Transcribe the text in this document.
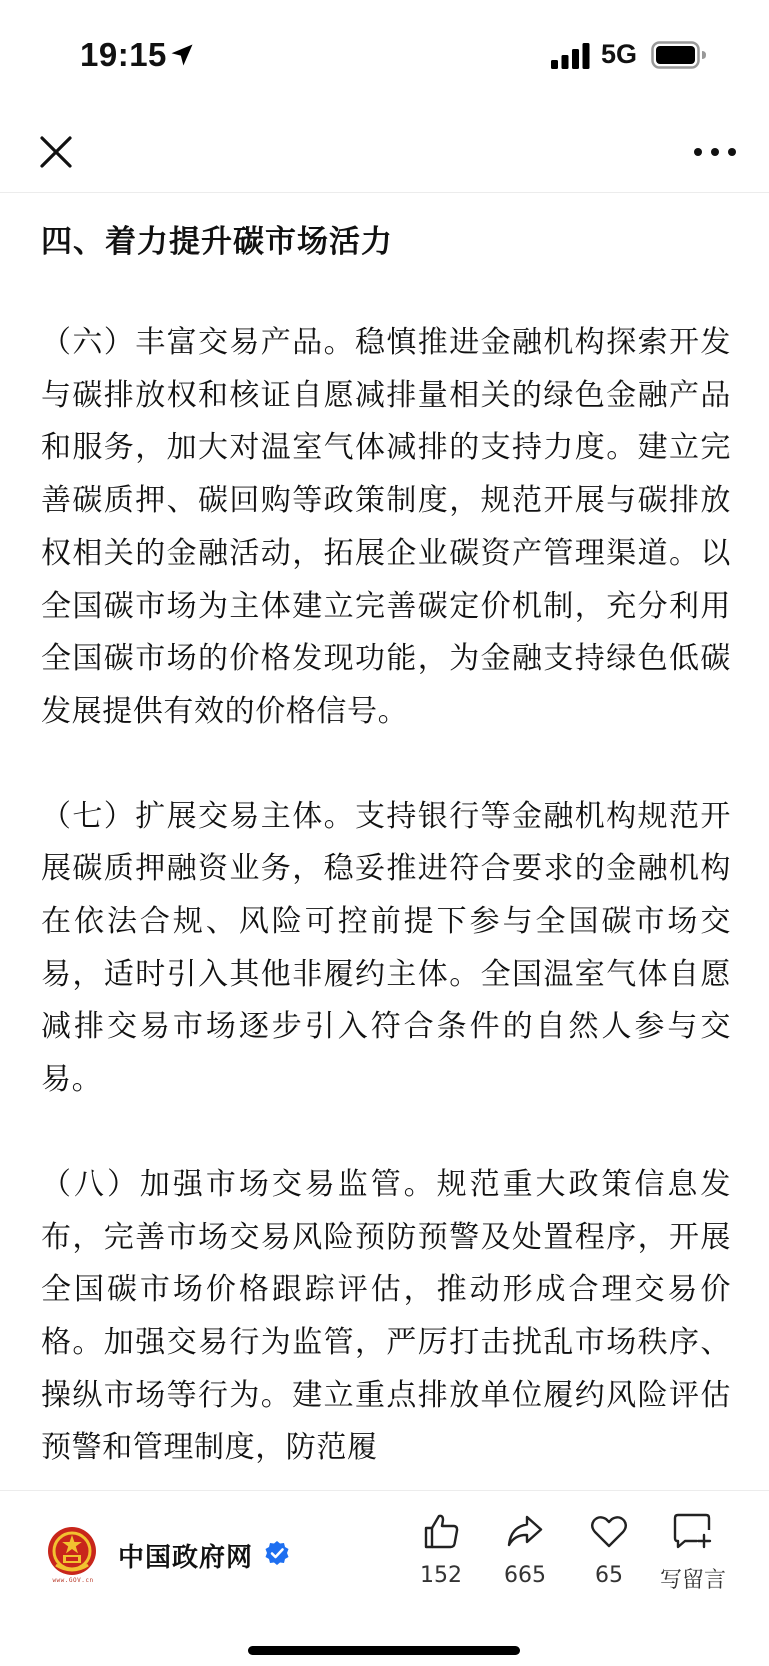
19:15	5G
四、着力提升碳市场活力

（六）丰富交易产品。稳慎推进金融机构探索开发与碳排放权和核证自愿减排量相关的绿色金融产品和服务，加大对温室气体减排的支持力度。建立完善碳质押、碳回购等政策制度，规范开展与碳排放权相关的金融活动，拓展企业碳资产管理渠道。以全国碳市场为主体建立完善碳定价机制，充分利用全国碳市场的价格发现功能，为金融支持绿色低碳发展提供有效的价格信号。

（七）扩展交易主体。支持银行等金融机构规范开展碳质押融资业务，稳妥推进符合要求的金融机构在依法合规、风险可控前提下参与全国碳市场交易，适时引入其他非履约主体。全国温室气体自愿减排交易市场逐步引入符合条件的自然人参与交易。

（八）加强市场交易监管。规范重大政策信息发布，完善市场交易风险预防预警及处置程序，开展全国碳市场价格跟踪评估，推动形成合理交易价格。加强交易行为监管，严厉打击扰乱市场秩序、操纵市场等行为。建立重点排放单位履约风险评估预警和管理制度，防范履

www.GOV.cn
中国政府网
152	665	65	写留言
